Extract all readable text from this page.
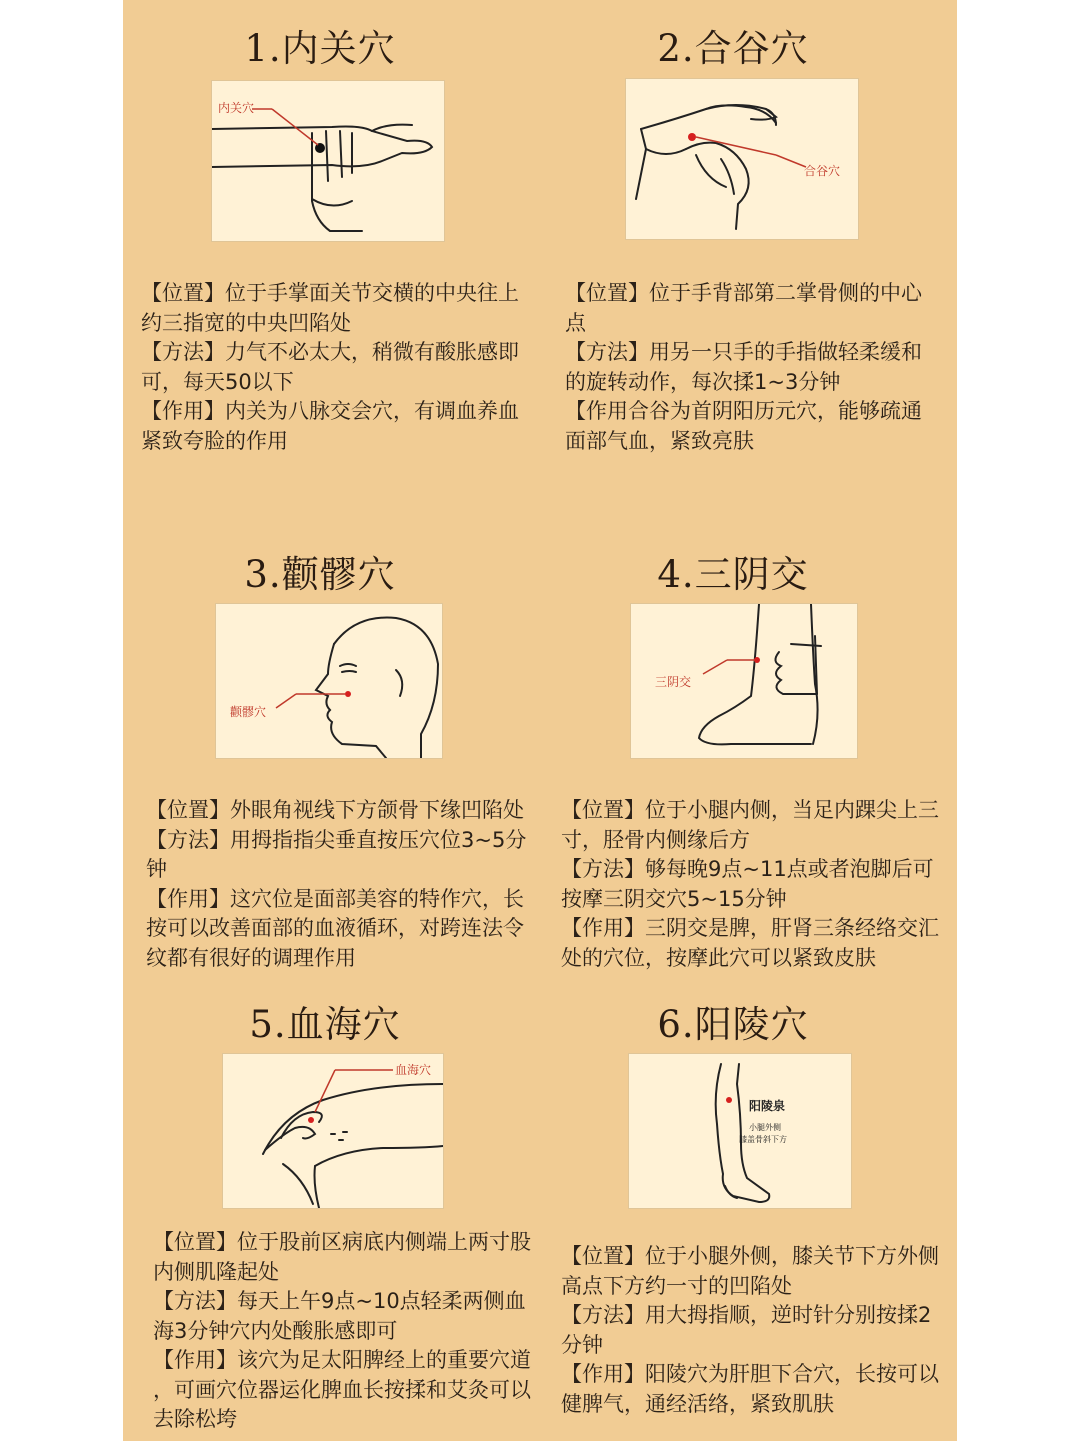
1.内关穴
内关穴

【位置】位于手掌面关节交横的中央往上

约三指宽的中央凹陷处

【方法】力气不必太大，稍微有酸胀感即

可，每天50以下

【作用】内关为八脉交会穴，有调血养血

紧致夸脸的作用

2.合谷穴
合谷穴

【位置】位于手背部第二掌骨侧的中心

点

【方法】用另一只手的手指做轻柔缓和

的旋转动作，每次揉1~3分钟

【作用合谷为首阴阳历元穴，能够疏通

面部气血，紧致亮肤

3.颧髎穴
颧髎穴

【位置】外眼角视线下方颌骨下缘凹陷处

【方法】用拇指指尖垂直按压穴位3~5分

钟

【作用】这穴位是面部美容的特作穴，长

按可以改善面部的血液循环，对跨连法令

纹都有很好的调理作用

4.三阴交
三阴交

【位置】位于小腿内侧，当足内踝尖上三

寸，胫骨内侧缘后方

【方法】够每晚9点~11点或者泡脚后可

按摩三阴交穴5~15分钟

【作用】三阴交是脾，肝肾三条经络交汇

处的穴位，按摩此穴可以紧致皮肤

5.血海穴
血海穴

【位置】位于股前区病底内侧端上两寸股

内侧肌隆起处

【方法】每天上午9点~10点轻柔两侧血

海3分钟穴内处酸胀感即可

【作用】该穴为足太阳脾经上的重要穴道

，可画穴位器运化脾血长按揉和艾灸可以

去除松垮

6.阳陵穴
阳陵泉
小腿外侧
膝盖骨斜下方

【位置】位于小腿外侧，膝关节下方外侧

高点下方约一寸的凹陷处

【方法】用大拇指顺，逆时针分别按揉2

分钟

【作用】阳陵穴为肝胆下合穴，长按可以

健脾气，通经活络，紧致肌肤
